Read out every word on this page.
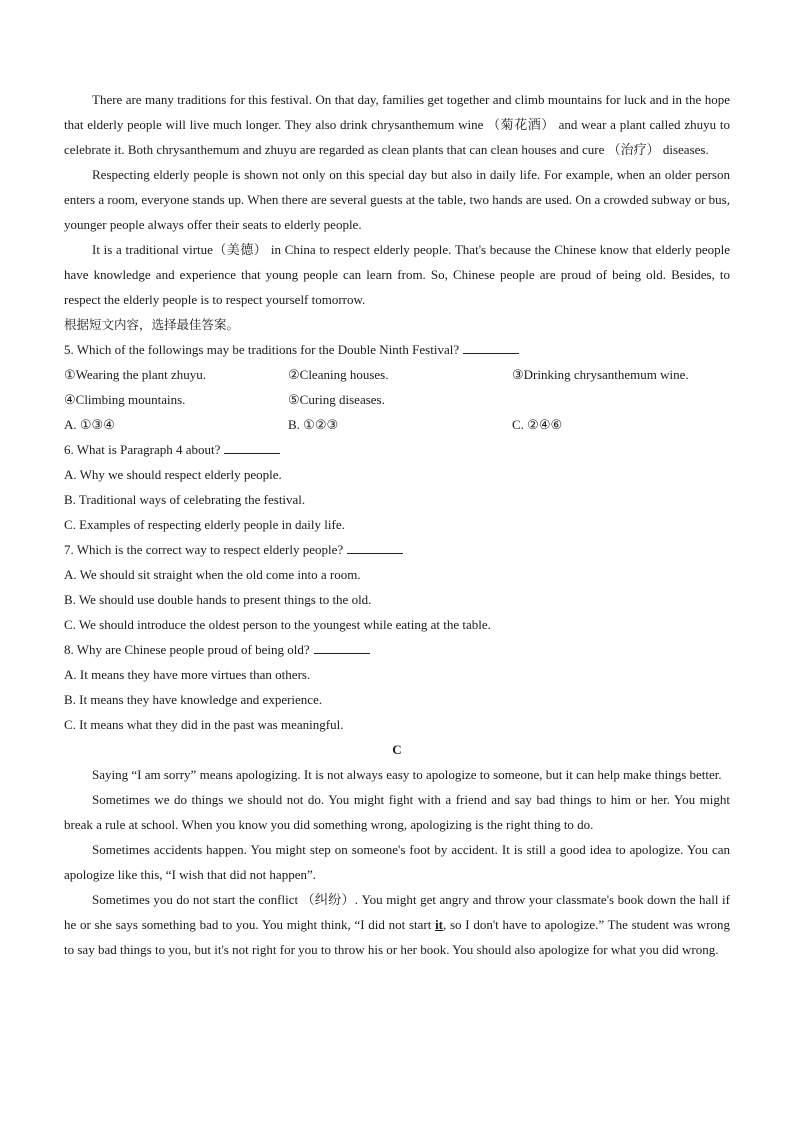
There are many traditions for this festival. On that day, families get together and climb mountains for luck and in the hope that elderly people will live much longer. They also drink chrysanthemum wine （菊花酒） and wear a plant called zhuyu to celebrate it. Both chrysanthemum and zhuyu are regarded as clean plants that can clean houses and cure （治疗） diseases.

Respecting elderly people is shown not only on this special day but also in daily life. For example, when an older person enters a room, everyone stands up. When there are several guests at the table, two hands are used. On a crowded subway or bus, younger people always offer their seats to elderly people.

It is a traditional virtue（美德） in China to respect elderly people. That's because the Chinese know that elderly people have knowledge and experience that young people can learn from. So, Chinese people are proud of being old. Besides, to respect the elderly people is to respect yourself tomorrow.

根据短文内容，选择最佳答案。
5. Which of the followings may be traditions for the Double Ninth Festival?
①Wearing the plant zhuyu.	②Cleaning houses.	③Drinking chrysanthemum wine.
④Climbing mountains.	⑤Curing diseases.
A. ①③④	B. ①②③	C. ②④⑥
6. What is Paragraph 4 about?
A. Why we should respect elderly people.
B. Traditional ways of celebrating the festival.
C. Examples of respecting elderly people in daily life.
7. Which is the correct way to respect elderly people?
A. We should sit straight when the old come into a room.
B. We should use double hands to present things to the old.
C. We should introduce the oldest person to the youngest while eating at the table.
8. Why are Chinese people proud of being old?
A. It means they have more virtues than others.
B. It means they have knowledge and experience.
C. It means what they did in the past was meaningful.
C

Saying “I am sorry” means apologizing. It is not always easy to apologize to someone, but it can help make things better.

Sometimes we do things we should not do. You might fight with a friend and say bad things to him or her. You might break a rule at school. When you know you did something wrong, apologizing is the right thing to do.

Sometimes accidents happen. You might step on someone's foot by accident. It is still a good idea to apologize. You can apologize like this, “I wish that did not happen”.

Sometimes you do not start the conflict （纠纷）. You might get angry and throw your classmate's book down the hall if he or she says something bad to you. You might think, “I did not start it, so I don't have to apologize.” The student was wrong to say bad things to you, but it's not right for you to throw his or her book. You should also apologize for what you did wrong.
